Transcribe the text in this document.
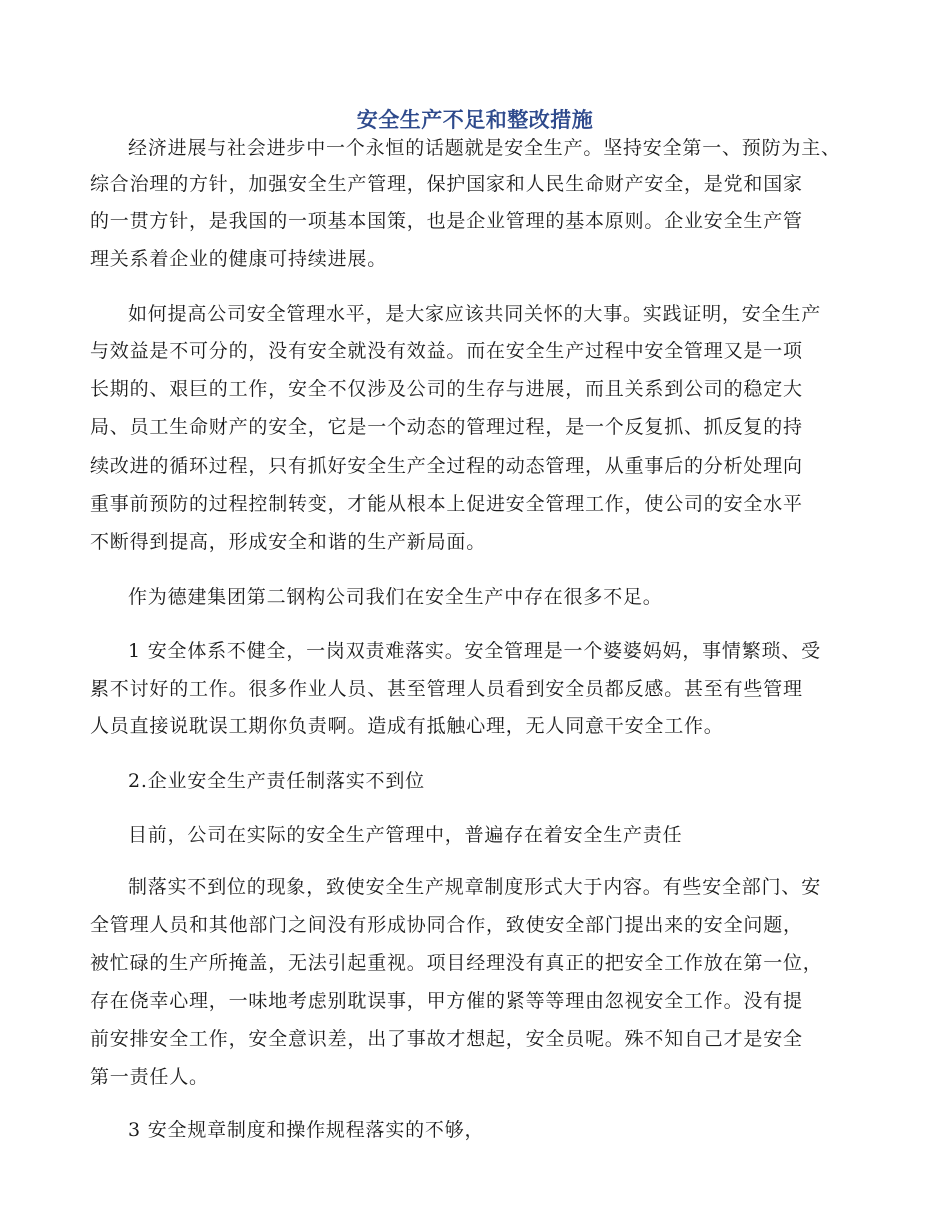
安全生产不足和整改措施
经济进展与社会进步中一个永恒的话题就是安全生产。坚持安全第一、预防为主、
综合治理的方针，加强安全生产管理，保护国家和人民生命财产安全，是党和国家
的一贯方针，是我国的一项基本国策，也是企业管理的基本原则。企业安全生产管
理关系着企业的健康可持续进展。
如何提高公司安全管理水平，是大家应该共同关怀的大事。实践证明，安全生产
与效益是不可分的，没有安全就没有效益。而在安全生产过程中安全管理又是一项
长期的、艰巨的工作，安全不仅涉及公司的生存与进展，而且关系到公司的稳定大
局、员工生命财产的安全，它是一个动态的管理过程，是一个反复抓、抓反复的持
续改进的循环过程，只有抓好安全生产全过程的动态管理，从重事后的分析处理向
重事前预防的过程控制转变，才能从根本上促进安全管理工作，使公司的安全水平
不断得到提高，形成安全和谐的生产新局面。
作为德建集团第二钢构公司我们在安全生产中存在很多不足。
1 安全体系不健全，一岗双责难落实。安全管理是一个婆婆妈妈，事情繁琐、受
累不讨好的工作。很多作业人员、甚至管理人员看到安全员都反感。甚至有些管理
人员直接说耽误工期你负责啊。造成有抵触心理，无人同意干安全工作。
2.企业安全生产责任制落实不到位
目前，公司在实际的安全生产管理中，普遍存在着安全生产责任
制落实不到位的现象，致使安全生产规章制度形式大于内容。有些安全部门、安
全管理人员和其他部门之间没有形成协同合作，致使安全部门提出来的安全问题，
被忙碌的生产所掩盖，无法引起重视。项目经理没有真正的把安全工作放在第一位，
存在侥幸心理，一味地考虑别耽误事，甲方催的紧等等理由忽视安全工作。没有提
前安排安全工作，安全意识差，出了事故才想起，安全员呢。殊不知自己才是安全
第一责任人。
3 安全规章制度和操作规程落实的不够，
